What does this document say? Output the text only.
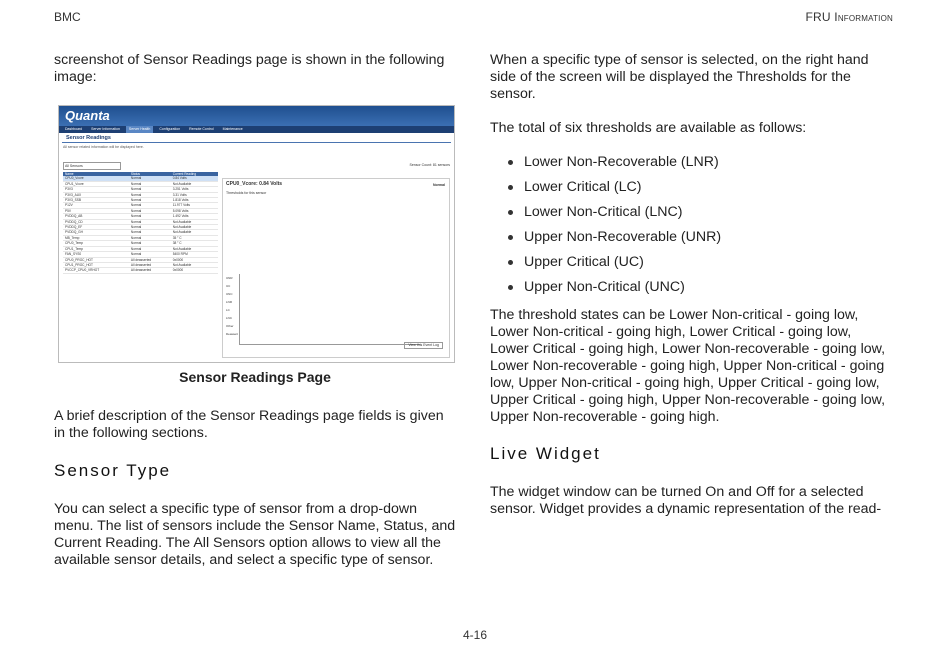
BMC	FRU Information

screenshot of Sensor Readings page is shown in the following image:

Quanta
Dashboard	Server Information	Server Health	Configuration	Remote Control	Maintenance
Sensor Readings
All sensor related information will be displayed here.
All Sensors	Sensor Count: 81 sensors
Name	Status	Current Reading
CPU0_Vcore	Normal	0.84 Volts
CPU1_Vcore	Normal	Not Available
P3V3	Normal	3.251 Volts
P3V3_AUX	Normal	3.31 Volts
P3V3_SSB	Normal	1.818 Volts
P12V	Normal	11.977 Volts
P5V	Normal	5.098 Volts
PVDDQ_AB	Normal	1.492 Volts
PVDDQ_CD	Normal	Not Available
PVDDQ_EF	Normal	Not Available
PVDDQ_GH	Normal	Not Available
MB_Temp	Normal	35 ° C
CPU0_Temp	Normal	38 ° C
CPU1_Temp	Normal	Not Available
FAN_SYS0	Normal	5400 RPM
CPU0_PROC_HOT	All deasserted	0x0000
CPU1_PROC_HOT	All deasserted	Not Available
PVCCP_CPU0_VRHOT	All deasserted	0x0000
CPU0_Vcore: 0.84 Volts	Normal
Thresholds for this sensor
UNR
UC
UNC
LNR
LC
LNC
Other
Deassert
View this Event Log
Sensor Readings Page

A brief description of the Sensor Readings page fields is given in the following sections.

Sensor Type

You can select a specific type of sensor from a drop-down menu. The list of sensors include the Sensor Name, Status, and Current Reading. The All Sensors option allows to view all the available sensor details, and select a specific type of sensor.

When a specific type of sensor is selected, on the right hand side of the screen will be displayed the Thresholds for the sensor.

The total of six thresholds are available as follows:

Lower Non-Recoverable (LNR)
Lower Critical (LC)
Lower Non-Critical (LNC)
Upper Non-Recoverable (UNR)
Upper Critical (UC)
Upper Non-Critical (UNC)

The threshold states can be Lower Non-critical - going low, Lower Non-critical - going high, Lower Critical - going low, Lower Critical - going high, Lower Non-recoverable - going low, Lower Non-recoverable - going high, Upper Non-critical - going low, Upper Non-critical - going high, Upper Critical - going low, Upper Critical - going high, Upper Non-recoverable - going low, Upper Non-recoverable - going high.

Live Widget

The widget window can be turned On and Off for a selected sensor. Widget provides a dynamic representation of the read-

4-16
